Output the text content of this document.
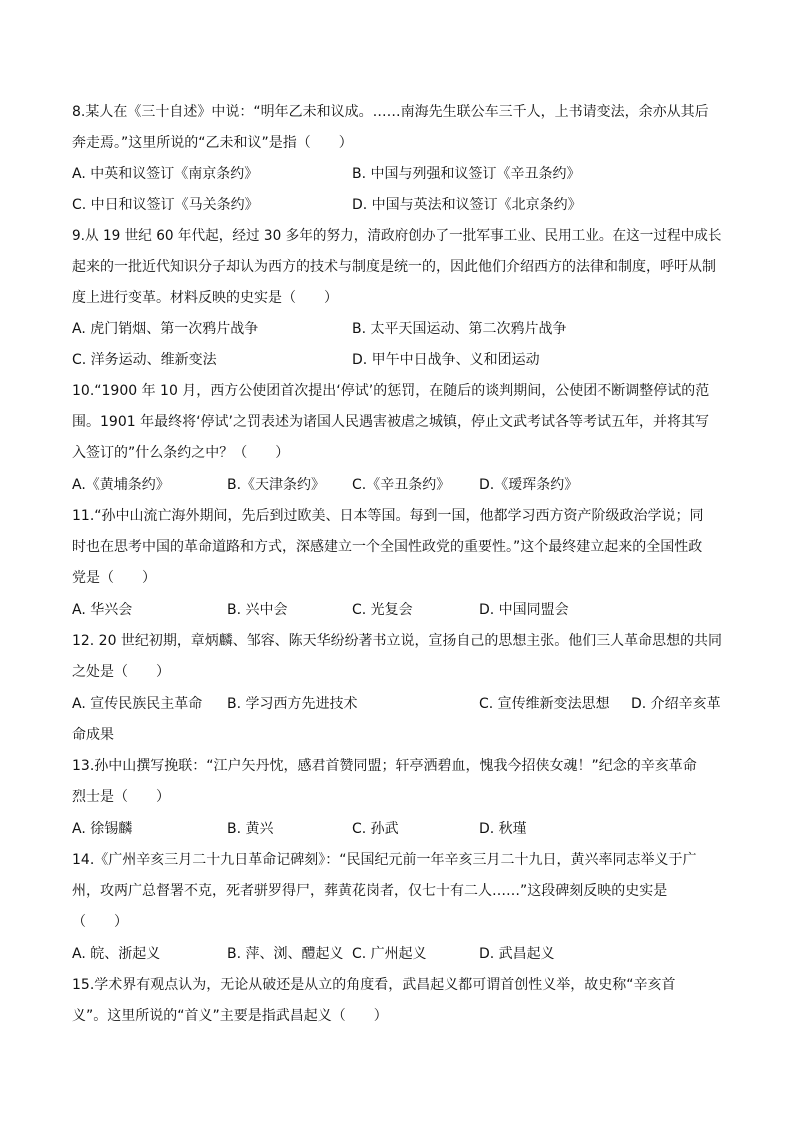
8.某人在《三十自述》中说：“明年乙未和议成。……南海先生联公车三千人，上书请变法，余亦从其后
奔走焉。”这里所说的“乙未和议”是指（　　）
A. 中英和议签订《南京条约》	B. 中国与列强和议签订《辛丑条约》
C. 中日和议签订《马关条约》	D. 中国与英法和议签订《北京条约》
9.从 19 世纪 60 年代起，经过 30 多年的努力，清政府创办了一批军事工业、民用工业。在这一过程中成长
起来的一批近代知识分子却认为西方的技术与制度是统一的，因此他们介绍西方的法律和制度，呼吁从制
度上进行变革。材料反映的史实是（　　）
A. 虎门销烟、第一次鸦片战争	B. 太平天国运动、第二次鸦片战争
C. 洋务运动、维新变法	D. 甲午中日战争、义和团运动
10.“1900 年 10 月，西方公使团首次提出‘停试’的惩罚，在随后的谈判期间，公使团不断调整停试的范
围。1901 年最终将‘停试’之罚表述为诸国人民遇害被虐之城镇，停止文武考试各等考试五年，并将其写
入签订的”什么条约之中？（　　）
A.《黄埔条约》	B.《天津条约》 C.《辛丑条约》 D.《瑷珲条约》
11.“孙中山流亡海外期间，先后到过欧美、日本等国。每到一国，他都学习西方资产阶级政治学说；同
时也在思考中国的革命道路和方式，深感建立一个全国性政党的重要性。”这个最终建立起来的全国性政
党是（　　）
A. 华兴会	B. 兴中会	C. 光复会	D. 中国同盟会
12. 20 世纪初期，章炳麟、邹容、陈天华纷纷著书立说，宣扬自己的思想主张。他们三人革命思想的共同
之处是（　　）
A. 宣传民族民主革命 B. 学习西方先进技术	C. 宣传维新变法思想 D. 介绍辛亥革
命成果
13.孙中山撰写挽联：“江户矢丹忱，感君首赞同盟；轩亭洒碧血，愧我今招侠女魂！”纪念的辛亥革命
烈士是（　　）
A. 徐锡麟	B. 黄兴	C. 孙武	D. 秋瑾
14.《广州辛亥三月二十九日革命记碑刻》：“民国纪元前一年辛亥三月二十九日，黄兴率同志举义于广
州，攻两广总督署不克，死者骈罗得尸，葬黄花岗者，仅七十有二人……”这段碑刻反映的史实是
（　　）
A. 皖、浙起义	B. 萍、浏、醴起义 C. 广州起义	D. 武昌起义
15.学术界有观点认为，无论从破还是从立的角度看，武昌起义都可谓首创性义举，故史称“辛亥首
义”。这里所说的“首义”主要是指武昌起义（　　）
